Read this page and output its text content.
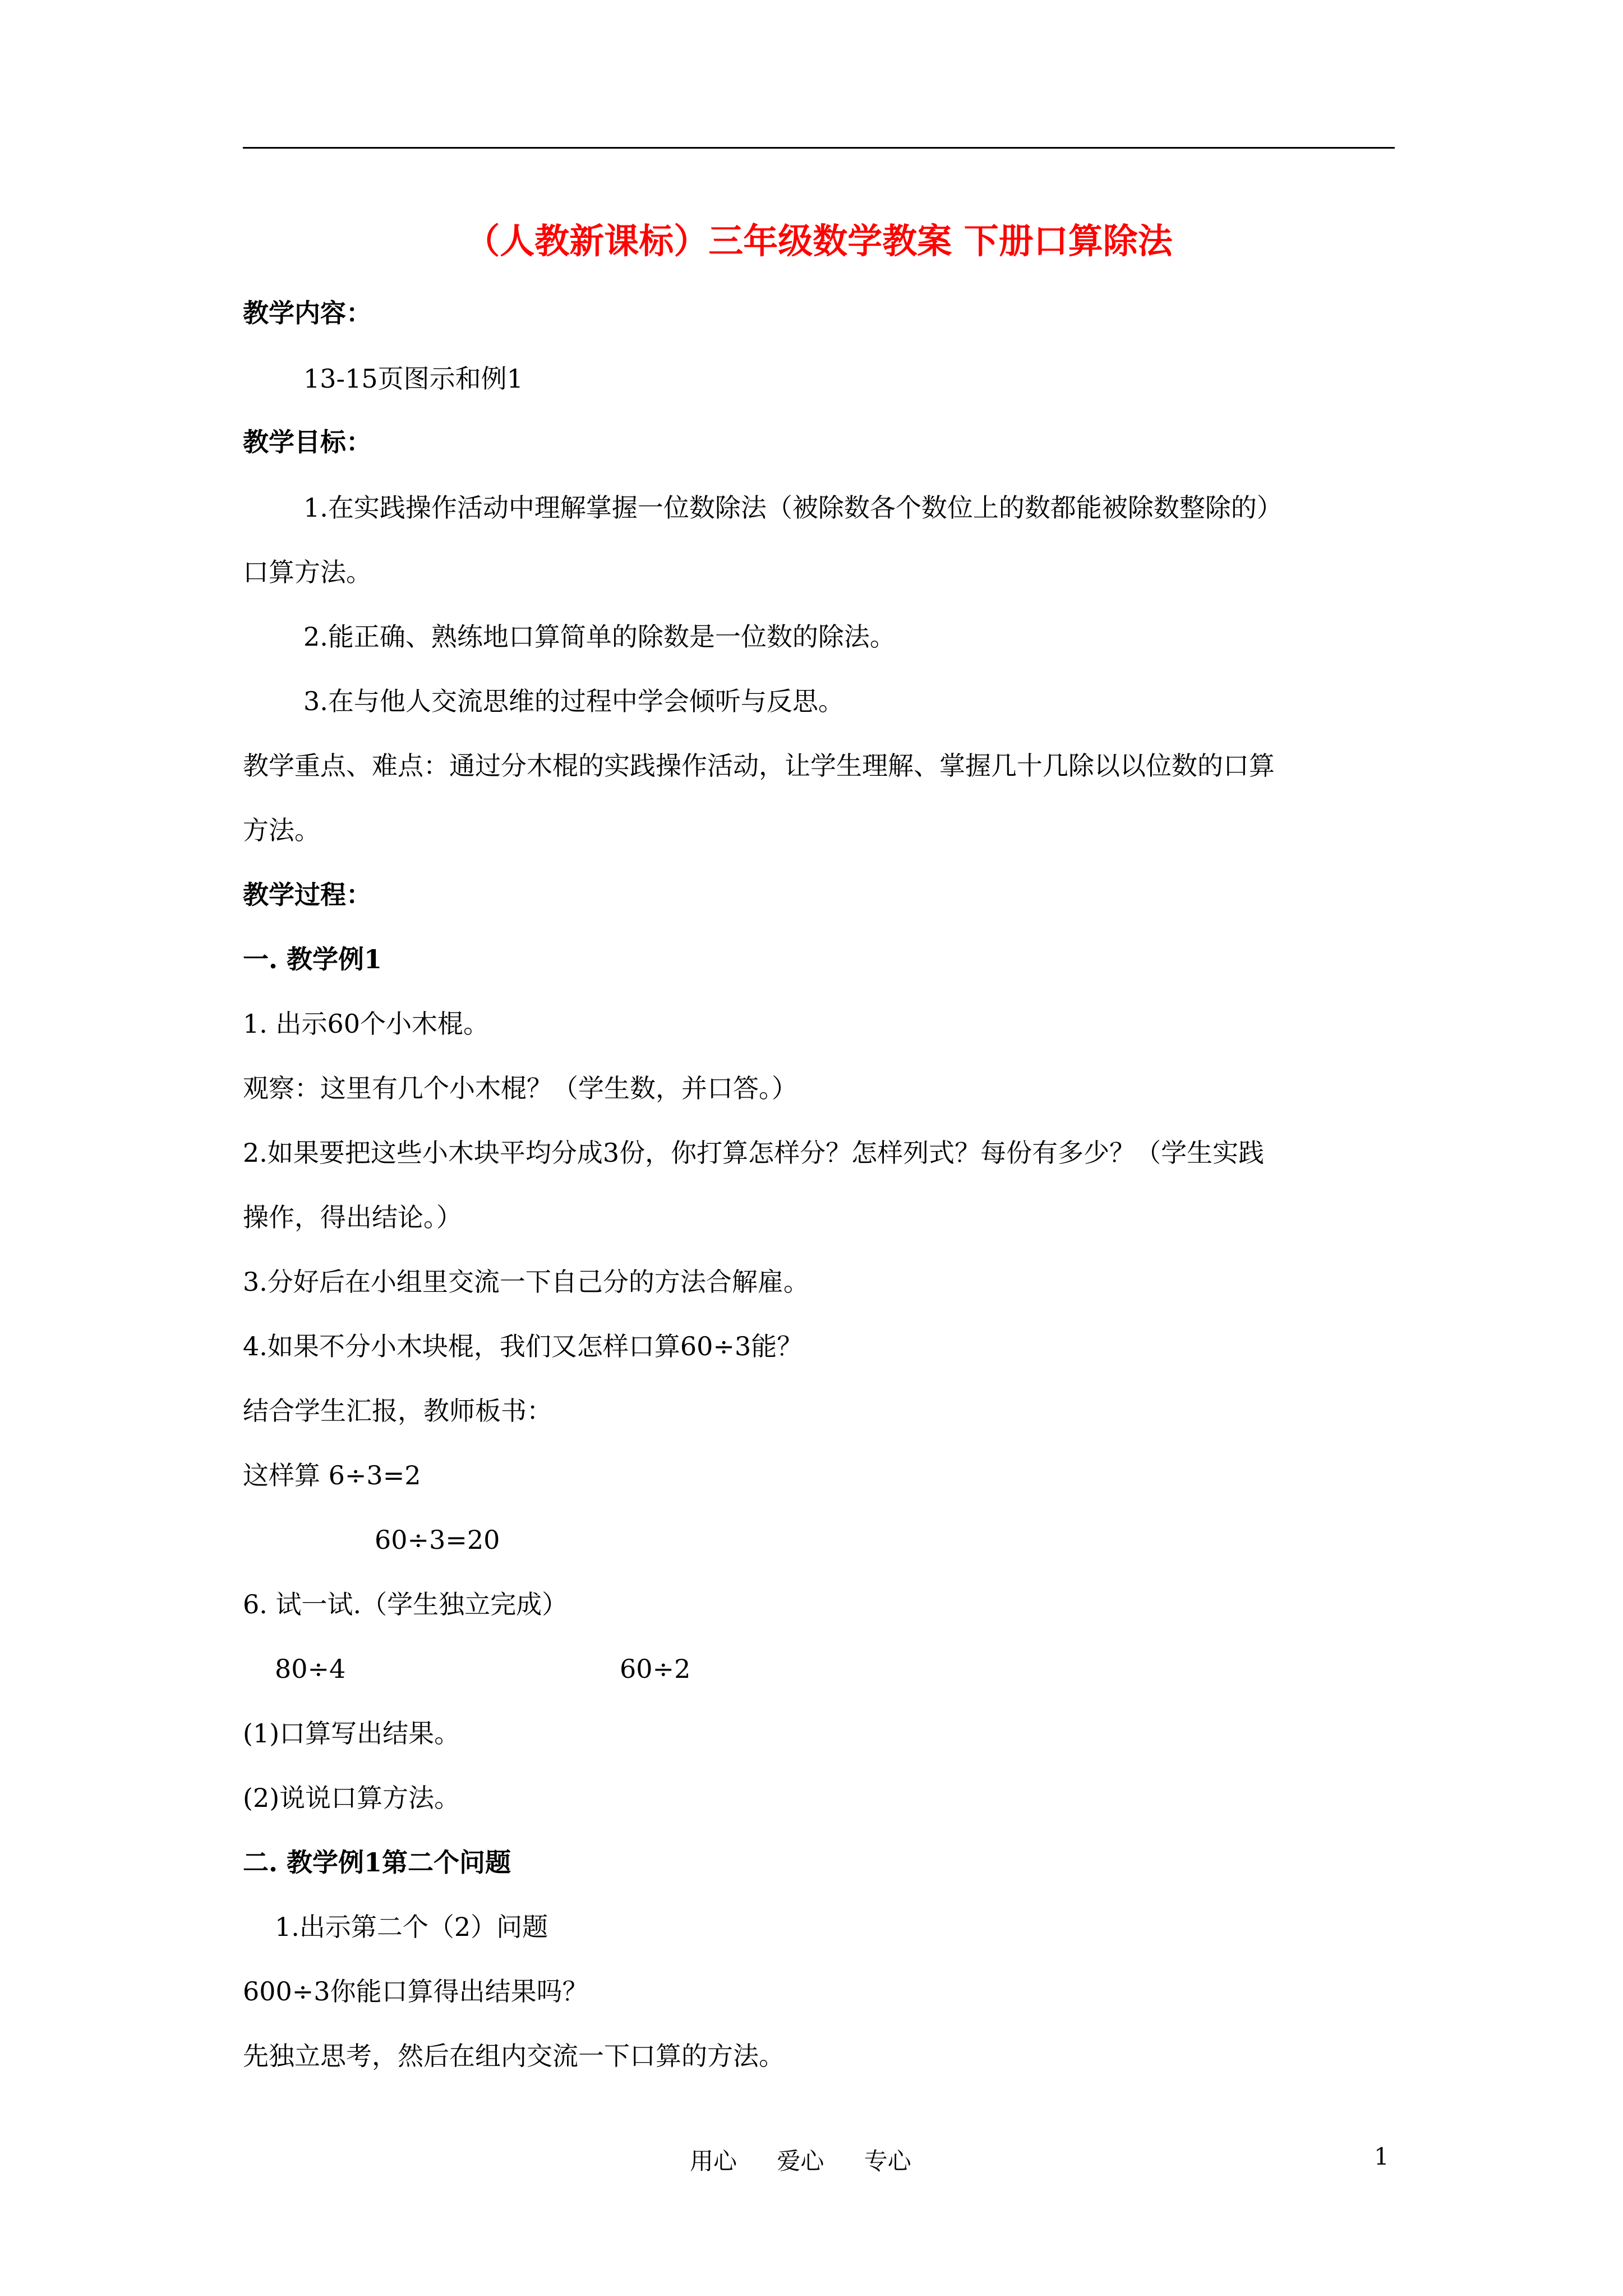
（人教新课标）三年级数学教案 下册口算除法
教学内容：
13-15页图示和例1
教学目标：
1.在实践操作活动中理解掌握一位数除法（被除数各个数位上的数都能被除数整除的）
口算方法。
2.能正确、熟练地口算简单的除数是一位数的除法。
3.在与他人交流思维的过程中学会倾听与反思。
教学重点、难点：通过分木棍的实践操作活动，让学生理解、掌握几十几除以以位数的口算
方法。
教学过程：
一. 教学例1
1. 出示60个小木棍。
观察：这里有几个小木棍？（学生数，并口答。）
2.如果要把这些小木块平均分成3份，你打算怎样分？怎样列式？每份有多少？（学生实践
操作，得出结论。）
3.分好后在小组里交流一下自己分的方法合解雇。
4.如果不分小木块棍，我们又怎样口算60÷3能？
结合学生汇报，教师板书：
这样算 6÷3=2
60÷3=20
6. 试一试.（学生独立完成）
80÷4	60÷2
(1)口算写出结果。
(2)说说口算方法。
二. 教学例1第二个问题
1.出示第二个（2）问题
600÷3你能口算得出结果吗？
先独立思考，然后在组内交流一下口算的方法。
用心 爱心 专心	1
